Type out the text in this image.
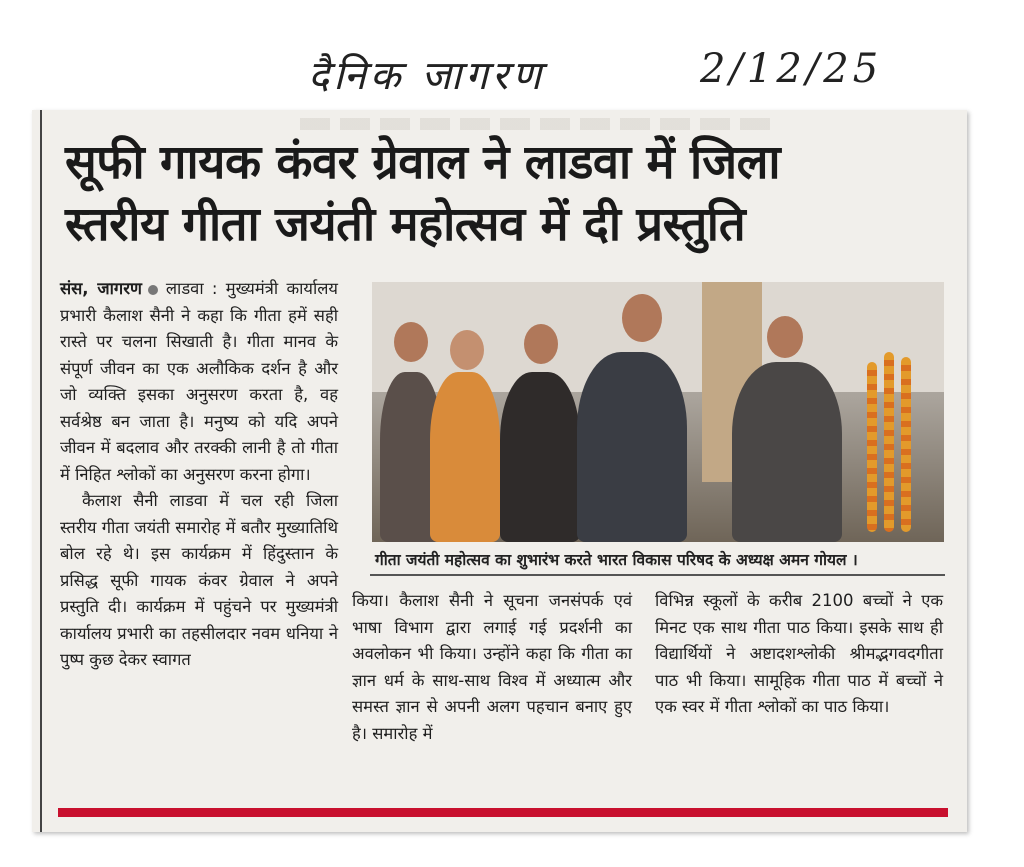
दैनिक जागरण	2/12/25
सूफी गायक कंवर ग्रेवाल ने लाडवा में जिला
स्तरीय गीता जयंती महोत्सव में दी प्रस्तुति

संस, जागरण लाडवा : मुख्यमंत्री कार्यालय प्रभारी कैलाश सैनी ने कहा कि गीता हमें सही रास्ते पर चलना सिखाती है। गीता मानव के संपूर्ण जीवन का एक अलौकिक दर्शन है और जो व्यक्ति इसका अनुसरण करता है, वह सर्वश्रेष्ठ बन जाता है। मनुष्य को यदि अपने जीवन में बदलाव और तरक्की लानी है तो गीता में निहित श्लोकों का अनुसरण करना होगा।

कैलाश सैनी लाडवा में चल रही जिला स्तरीय गीता जयंती समारोह में बतौर मुख्यातिथि बोल रहे थे। इस कार्यक्रम में हिंदुस्तान के प्रसिद्ध सूफी गायक कंवर ग्रेवाल ने अपने प्रस्तुति दी। कार्यक्रम में पहुंचने पर मुख्यमंत्री कार्यालय प्रभारी का तहसीलदार नवम धनिया ने पुष्प कुछ देकर स्वागत

गीता जयंती महोत्सव का शुभारंभ करते भारत विकास परिषद के अध्यक्ष अमन गोयल ।
किया। कैलाश सैनी ने सूचना जनसंपर्क एवं भाषा विभाग द्वारा लगाई गई प्रदर्शनी का अवलोकन भी किया। उन्होंने कहा कि गीता का ज्ञान धर्म के साथ-साथ विश्व में अध्यात्म और समस्त ज्ञान से अपनी अलग पहचान बनाए हुए है। समारोह में
विभिन्न स्कूलों के करीब 2100 बच्चों ने एक मिनट एक साथ गीता पाठ किया। इसके साथ ही विद्यार्थियों ने अष्टादशश्लोकी श्रीमद्भगवदगीता पाठ भी किया। सामूहिक गीता पाठ में बच्चों ने एक स्वर में गीता श्लोकों का पाठ किया।
